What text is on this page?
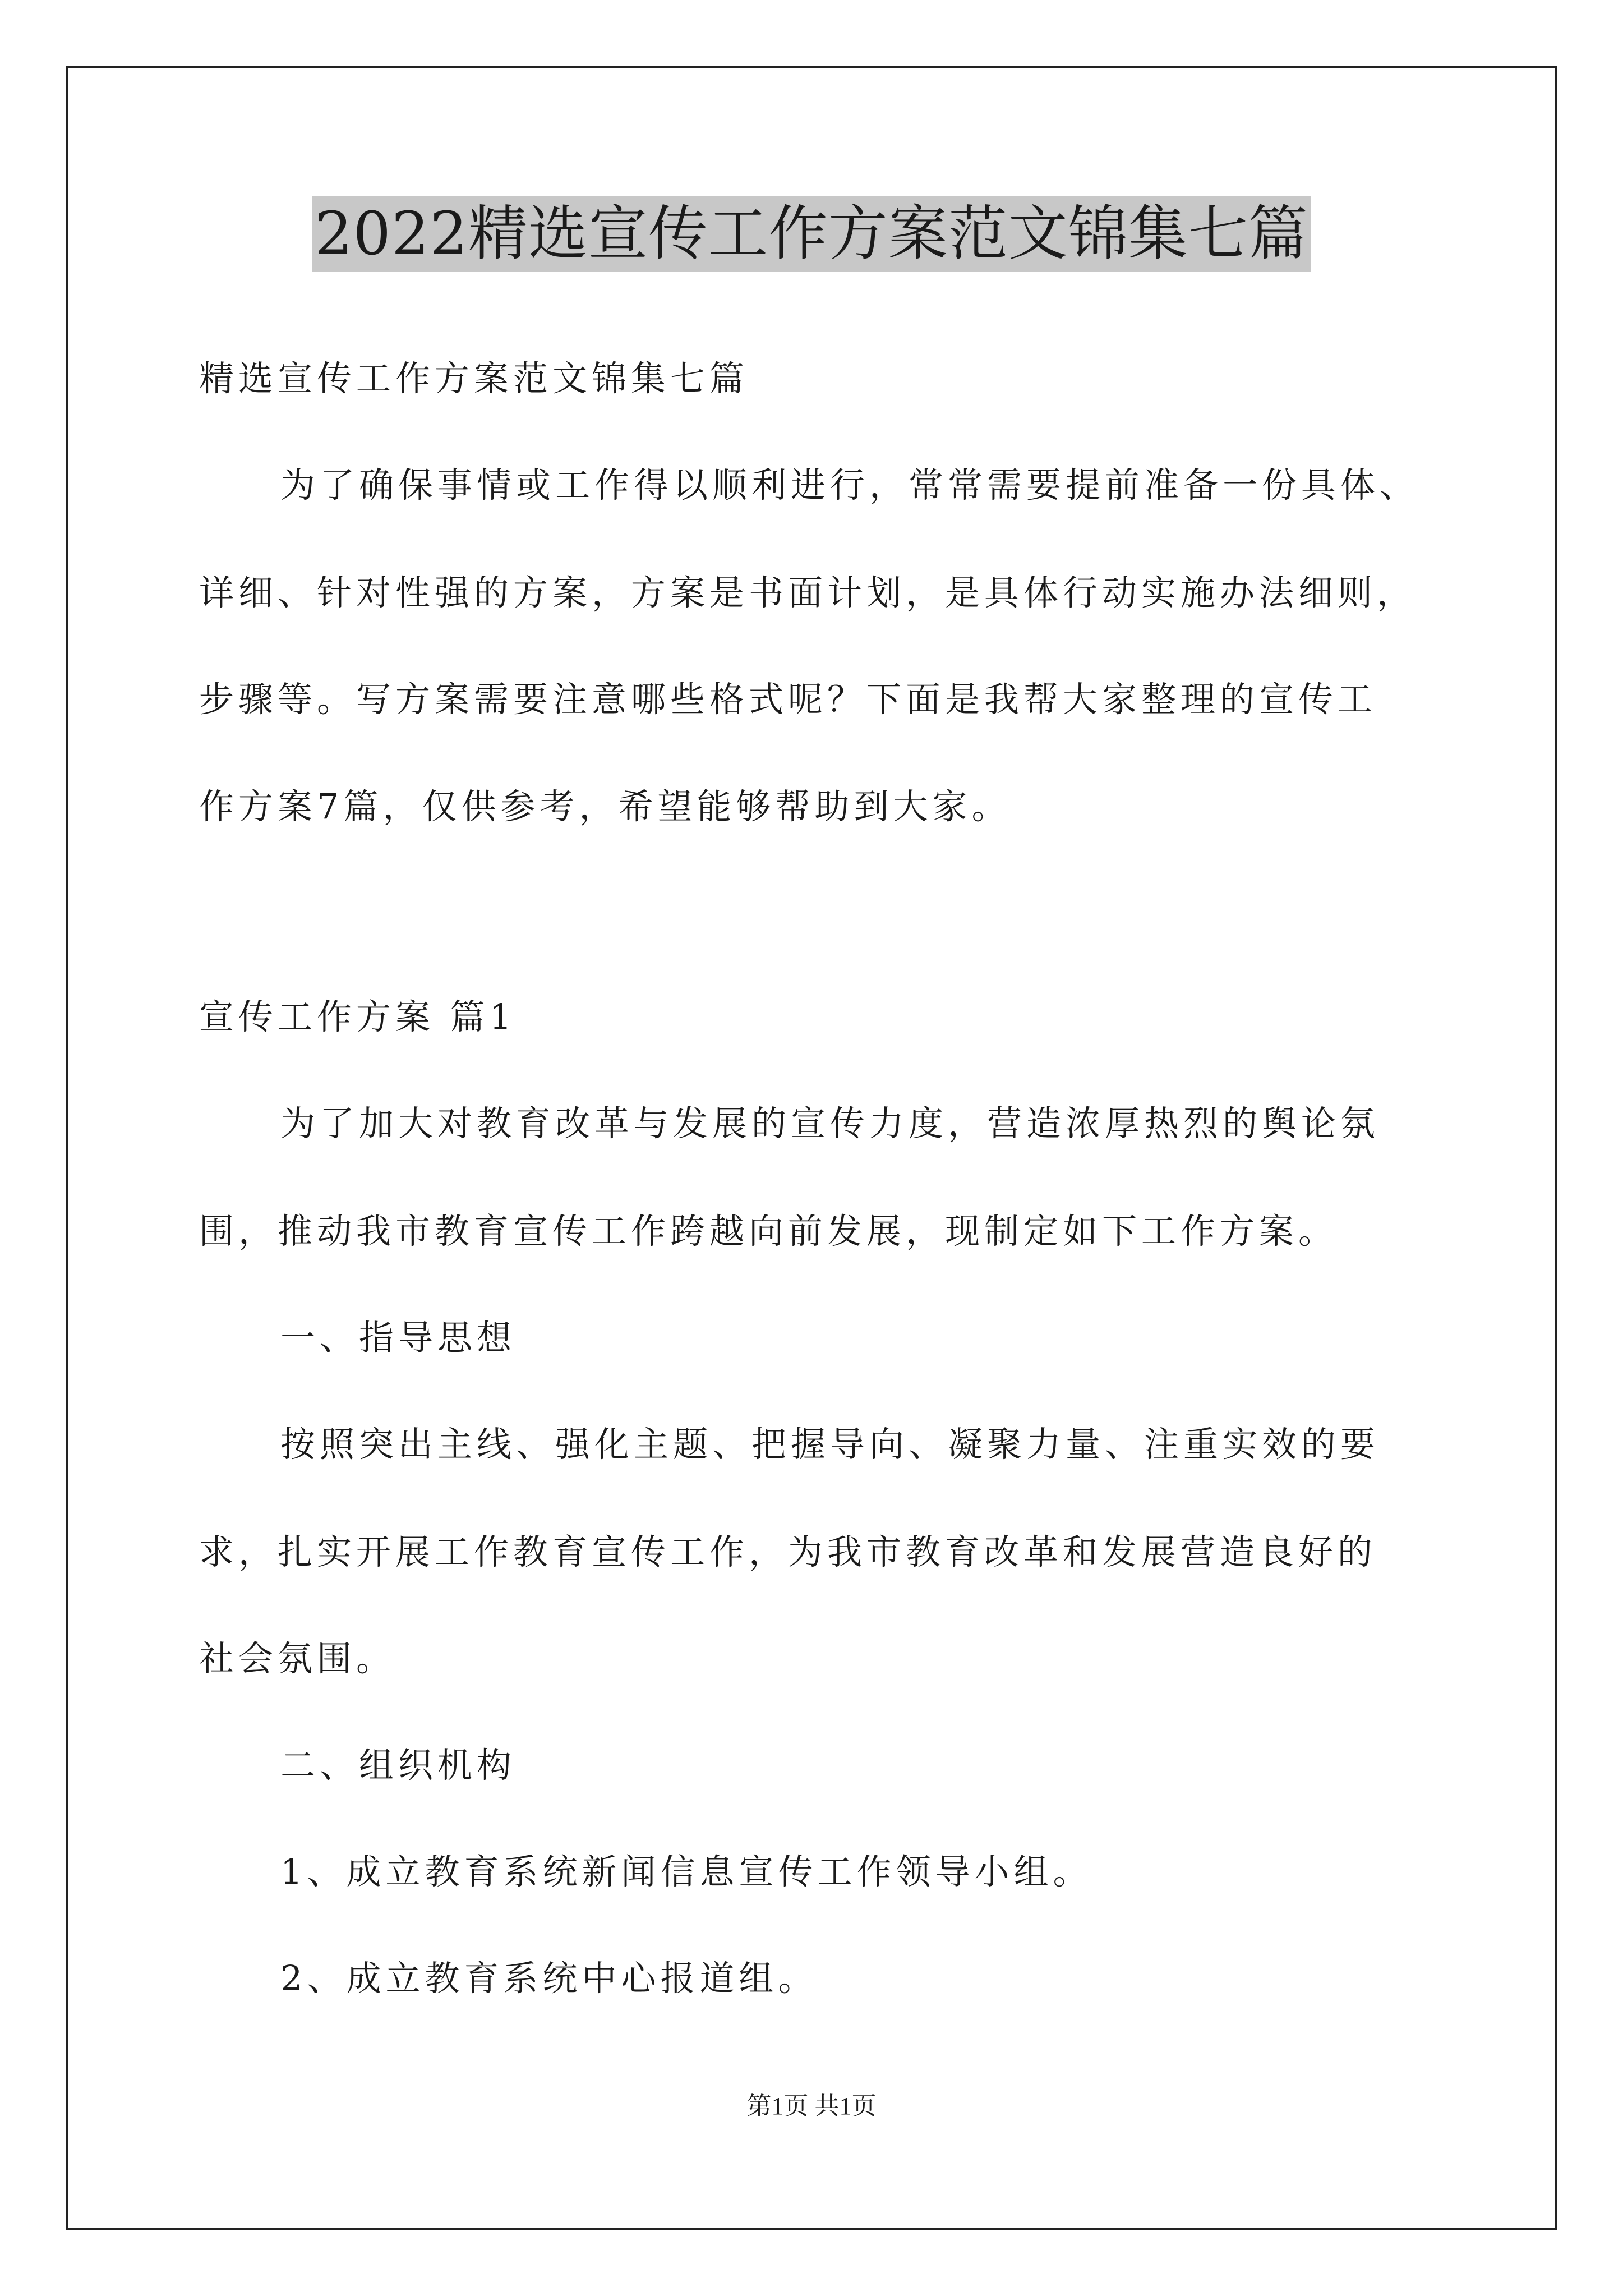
2022精选宣传工作方案范文锦集七篇
精选宣传工作方案范文锦集七篇
为了确保事情或工作得以顺利进行，常常需要提前准备一份具体、
详细、针对性强的方案，方案是书面计划，是具体行动实施办法细则，
步骤等。写方案需要注意哪些格式呢？下面是我帮大家整理的宣传工
作方案7篇，仅供参考，希望能够帮助到大家。
宣传工作方案 篇1
为了加大对教育改革与发展的宣传力度，营造浓厚热烈的舆论氛
围，推动我市教育宣传工作跨越向前发展，现制定如下工作方案。
一、指导思想
按照突出主线、强化主题、把握导向、凝聚力量、注重实效的要
求，扎实开展工作教育宣传工作，为我市教育改革和发展营造良好的
社会氛围。
二、组织机构
1、成立教育系统新闻信息宣传工作领导小组。
2、成立教育系统中心报道组。
第1页 共1页
